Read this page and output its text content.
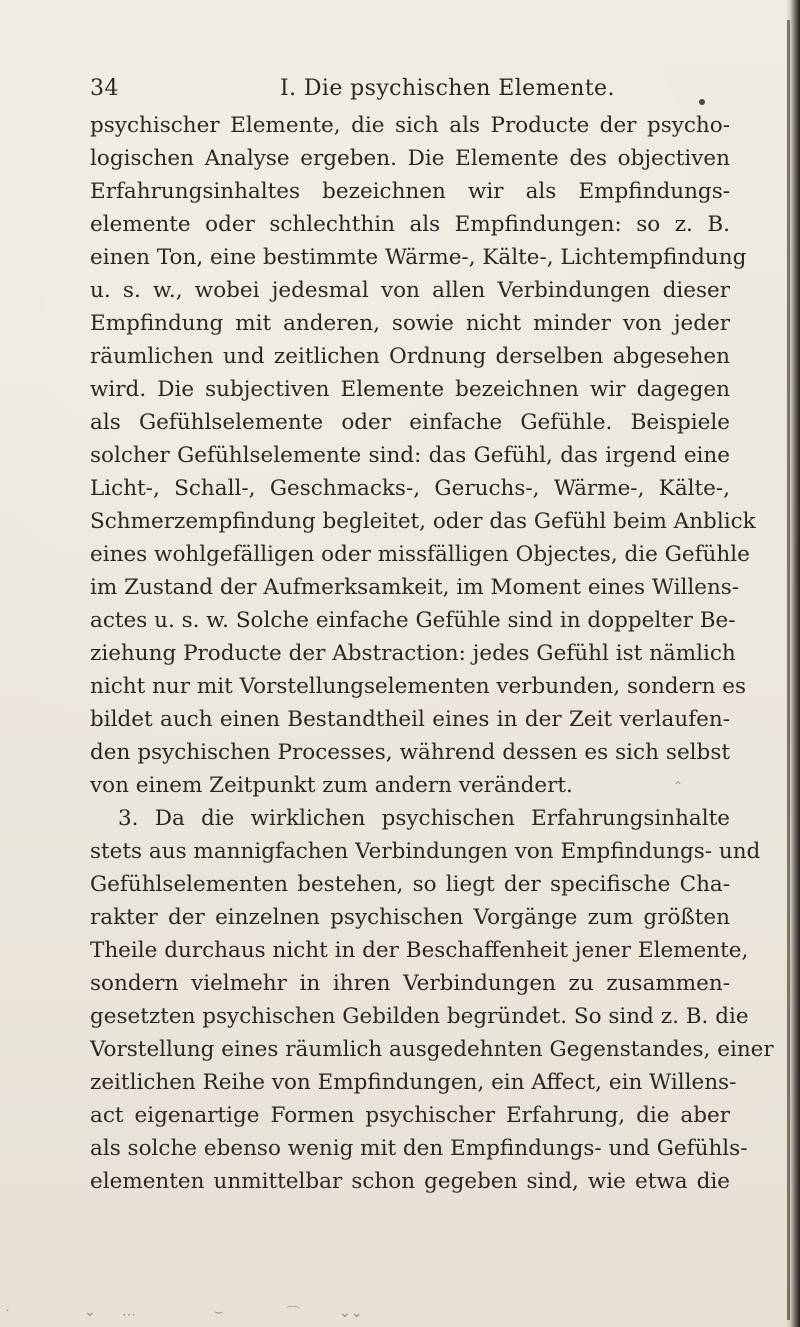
34	I. Die psychischen Elemente.
psychischer Elemente, die sich als Producte der psycho-
logischen Analyse ergeben. Die Elemente des objectiven
Erfahrungsinhaltes bezeichnen wir als Empfindungs-
elemente oder schlechthin als Empfindungen: so z. B.
einen Ton, eine bestimmte Wärme-, Kälte-, Lichtempfindung
u. s. w., wobei jedesmal von allen Verbindungen dieser
Empfindung mit anderen, sowie nicht minder von jeder
räumlichen und zeitlichen Ordnung derselben abgesehen
wird. Die subjectiven Elemente bezeichnen wir dagegen
als Gefühlselemente oder einfache Gefühle. Beispiele
solcher Gefühlselemente sind: das Gefühl, das irgend eine
Licht-, Schall-, Geschmacks-, Geruchs-, Wärme-, Kälte-,
Schmerzempfindung begleitet, oder das Gefühl beim Anblick
eines wohlgefälligen oder missfälligen Objectes, die Gefühle
im Zustand der Aufmerksamkeit, im Moment eines Willens-
actes u. s. w. Solche einfache Gefühle sind in doppelter Be-
ziehung Producte der Abstraction: jedes Gefühl ist nämlich
nicht nur mit Vorstellungselementen verbunden, sondern es
bildet auch einen Bestandtheil eines in der Zeit verlaufen-
den psychischen Processes, während dessen es sich selbst
von einem Zeitpunkt zum andern verändert.
3. Da die wirklichen psychischen Erfahrungsinhalte
stets aus mannigfachen Verbindungen von Empfindungs- und
Gefühlselementen bestehen, so liegt der specifische Cha-
rakter der einzelnen psychischen Vorgänge zum größten
Theile durchaus nicht in der Beschaffenheit jener Elemente,
sondern vielmehr in ihren Verbindungen zu zusammen-
gesetzten psychischen Gebilden begründet. So sind z. B. die
Vorstellung eines räumlich ausgedehnten Gegenstandes, einer
zeitlichen Reihe von Empfindungen, ein Affect, ein Willens-
act eigenartige Formen psychischer Erfahrung, die aber
als solche ebenso wenig mit den Empfindungs- und Gefühls-
elementen unmittelbar schon gegeben sind, wie etwa die
⌃
˙	⌄ ⋯	⌣	⌒	⌄⌄
